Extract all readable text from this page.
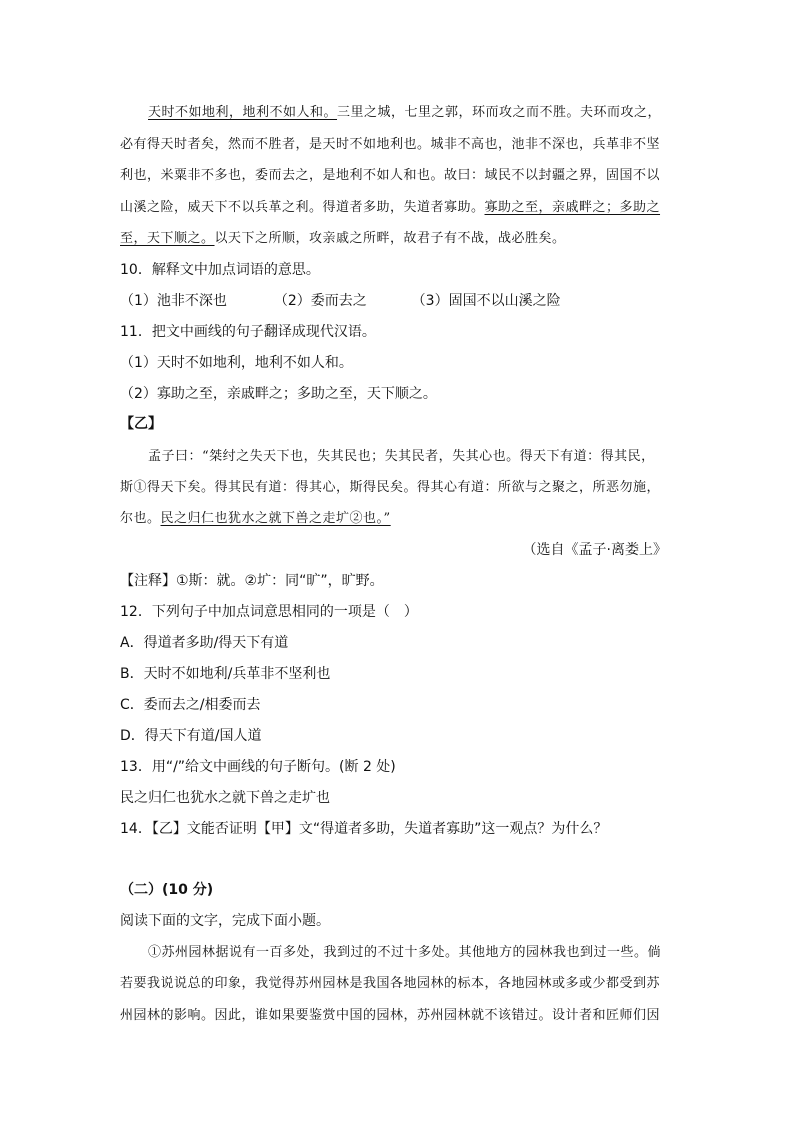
天时不如地利，地利不如人和。三里之城，七里之郭，环而攻之而不胜。夫环而攻之，
必有得天时者矣，然而不胜者，是天时不如地利也。城非不高也，池非不深也，兵革非不坚
利也，米粟非不多也，委而去之，是地利不如人和也。故曰：域民不以封疆之界，固国不以
山溪之险，威天下不以兵革之利。得道者多助，失道者寡助。寡助之至，亲戚畔之；多助之
至，天下顺之。以天下之所顺，攻亲戚之所畔，故君子有不战，战必胜矣。
10．解释文中加点词语的意思。
（1）池非不深也	（2）委而去之	（3）固国不以山溪之险
11．把文中画线的句子翻译成现代汉语。
（1）天时不如地利，地利不如人和。
（2）寡助之至，亲戚畔之；多助之至，天下顺之。
【乙】
孟子曰：“桀纣之失天下也，失其民也；失其民者，失其心也。得天下有道：得其民，
斯①得天下矣。得其民有道：得其心，斯得民矣。得其心有道：所欲与之聚之，所恶勿施，
尔也。民之归仁也犹水之就下兽之走圹②也。”
（选自《孟子·离娄上》
【注释】①斯：就。②圹：同“旷”，旷野。
12．下列句子中加点词意思相同的一项是（　）
A．得道者多助/得天下有道
B．天时不如地利/兵革非不坚利也
C．委而去之/相委而去
D．得天下有道/国人道
13．用“/”给文中画线的句子断句。(断 2 处)
民之归仁也犹水之就下兽之走圹也
14．【乙】文能否证明【甲】文“得道者多助，失道者寡助”这一观点？为什么？
（二）(10 分)
阅读下面的文字，完成下面小题。
①苏州园林据说有一百多处，我到过的不过十多处。其他地方的园林我也到过一些。倘
若要我说说总的印象，我觉得苏州园林是我国各地园林的标本，各地园林或多或少都受到苏
州园林的影响。因此，谁如果要鉴赏中国的园林，苏州园林就不该错过。设计者和匠师们因
